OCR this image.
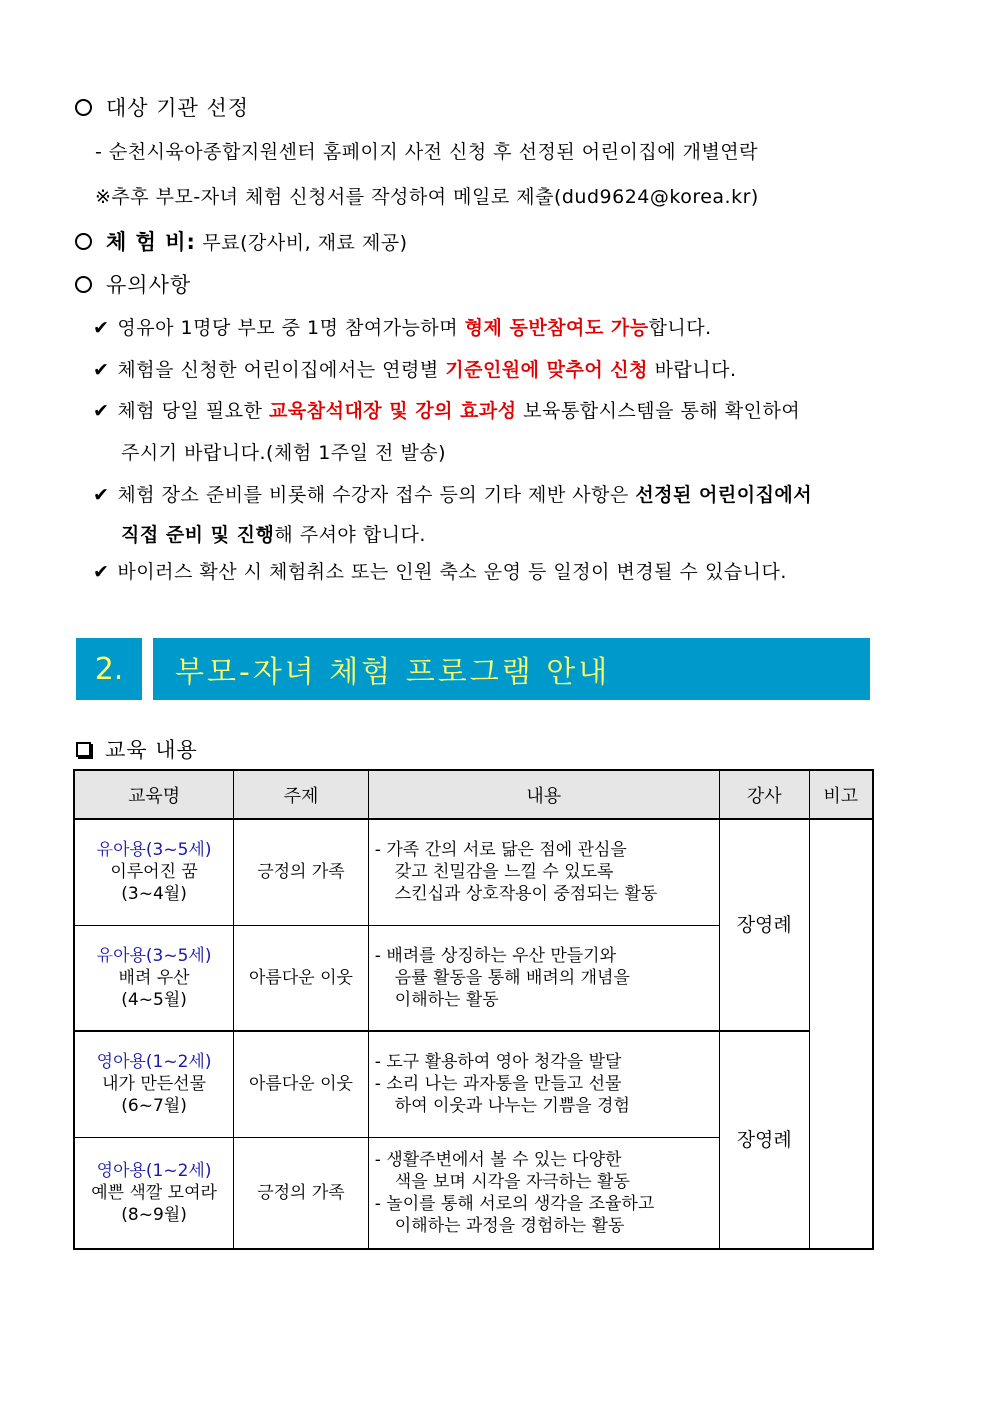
대상 기관 선정
- 순천시육아종합지원센터 홈페이지 사전 신청 후 선정된 어린이집에 개별연락
※추후 부모-자녀 체험 신청서를 작성하여 메일로 제출(dud9624@korea.kr)
체 험 비: 무료(강사비, 재료 제공)
유의사항
✔ 영유아 1명당 부모 중 1명 참여가능하며 형제 동반참여도 가능합니다.
✔ 체험을 신청한 어린이집에서는 연령별 기준인원에 맞추어 신청 바랍니다.
✔ 체험 당일 필요한 교육참석대장 및 강의 효과성 보육통합시스템을 통해 확인하여
주시기 바랍니다.(체험 1주일 전 발송)
✔ 체험 장소 준비를 비롯해 수강자 접수 등의 기타 제반 사항은 선정된 어린이집에서
직접 준비 및 진행해 주셔야 합니다.
✔ 바이러스 확산 시 체험취소 또는 인원 축소 운영 등 일정이 변경될 수 있습니다.
2.	부모-자녀 체험 프로그램 안내
교육 내용
교육명	주제	내용	강사	비고

유아용(3~5세)
이루어진 꿈
(3~4월)
	긍정의 가족	
- 가족 간의 서로 닮은 점에 관심을
갖고 친밀감을 느낄 수 있도록
스킨십과 상호작용이 중점되는 활동
	장영례	

유아용(3~5세)
배려 우산
(4~5월)
	아름다운 이웃	
- 배려를 상징하는 우산 만들기와
음률 활동을 통해 배려의 개념을
이해하는 활동

영아용(1~2세)
내가 만든선물
(6~7월)
	아름다운 이웃	
- 도구 활용하여 영아 청각을 발달
- 소리 나는 과자통을 만들고 선물
하여 이웃과 나누는 기쁨을 경험
	장영례

영아용(1~2세)
예쁜 색깔 모여라
(8~9월)
	긍정의 가족	
- 생활주변에서 볼 수 있는 다양한
색을 보며 시각을 자극하는 활동
- 놀이를 통해 서로의 생각을 조율하고
이해하는 과정을 경험하는 활동
